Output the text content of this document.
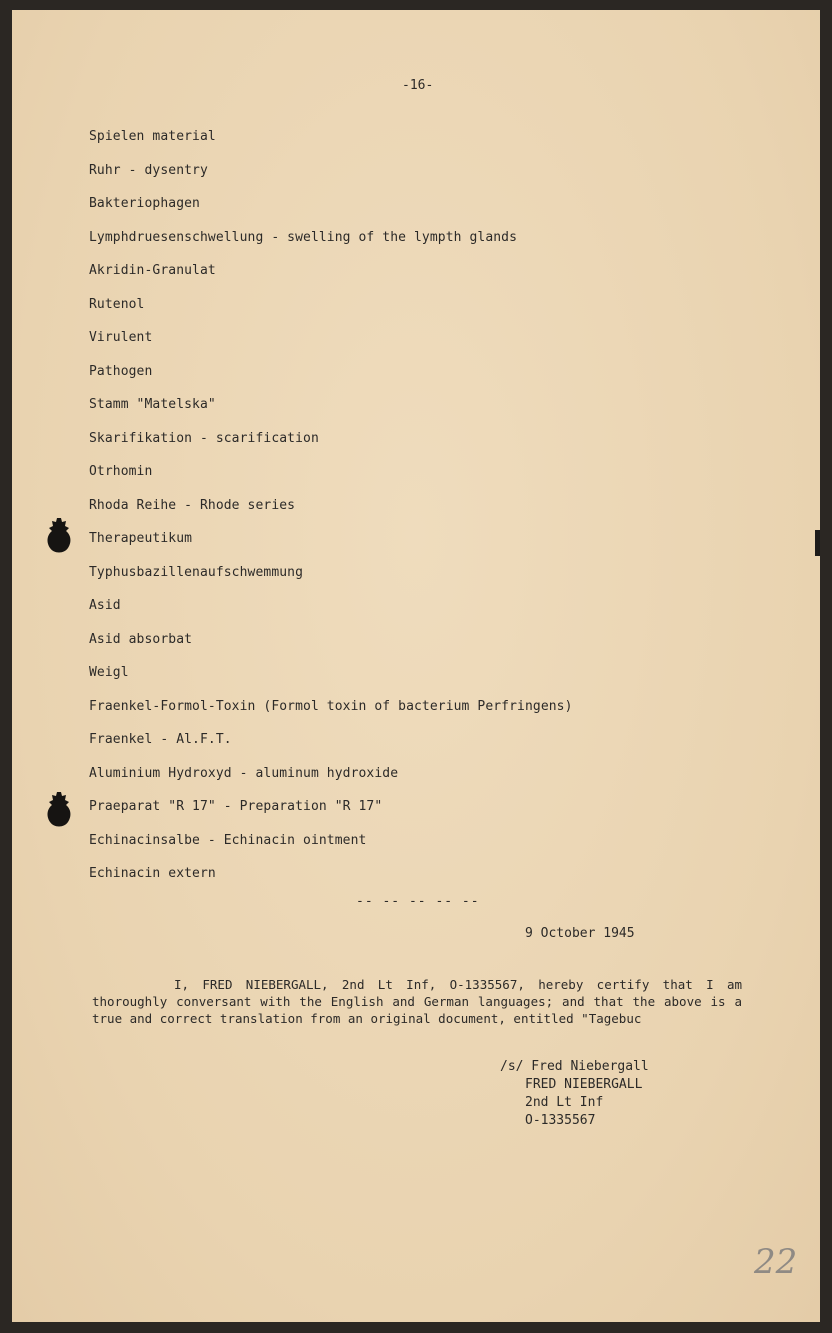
-16-
Spielen material
Ruhr - dysentry
Bakteriophagen
Lymphdruesenschwellung - swelling of the lympth glands
Akridin-Granulat
Rutenol
Virulent
Pathogen
Stamm "Matelska"
Skarifikation - scarification
Otrhomin
Rhoda Reihe - Rhode series
Therapeutikum
Typhusbazillenaufschwemmung
Asid
Asid absorbat
Weigl
Fraenkel-Formol-Toxin (Formol toxin of bacterium Perfringens)
Fraenkel - Al.F.T.
Aluminium Hydroxyd - aluminum hydroxide
Praeparat "R 17" - Preparation "R 17"
Echinacinsalbe - Echinacin ointment
Echinacin extern
-- -- -- -- --
9 October 1945

I, FRED NIEBERGALL, 2nd Lt Inf, O-1335567, hereby certify that I am thoroughly conversant with the English and German languages; and that the above is a true and correct translation from an original document, entitled "Tagebuc

/s/ Fred Niebergall
FRED NIEBERGALL
2nd Lt Inf
O-1335567
22
